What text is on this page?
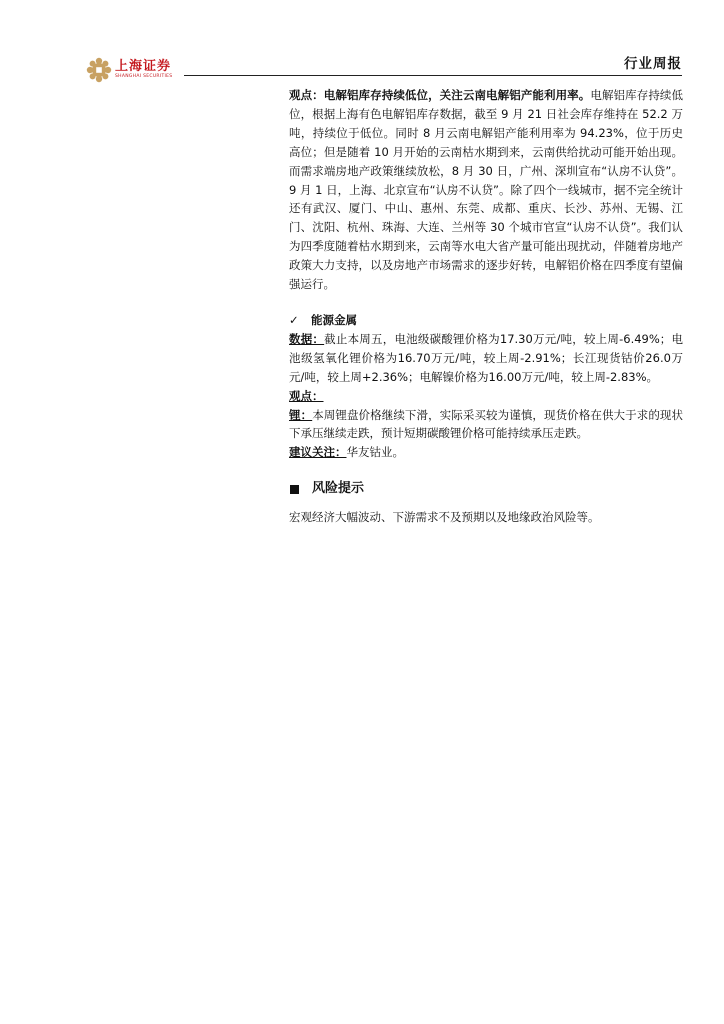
上海证券
SHANGHAI SECURITIES
行业周报

观点：电解铝库存持续低位，关注云南电解铝产能利用率。电解铝库存持续低位，根据上海有色电解铝库存数据，截至 9 月 21 日社会库存维持在 52.2 万吨，持续位于低位。同时 8 月云南电解铝产能利用率为 94.23%，位于历史高位；但是随着 10 月开始的云南枯水期到来，云南供给扰动可能开始出现。而需求端房地产政策继续放松，8 月 30 日，广州、深圳宣布“认房不认贷”。9 月 1 日，上海、北京宣布“认房不认贷”。除了四个一线城市，据不完全统计还有武汉、厦门、中山、惠州、东莞、成都、重庆、长沙、苏州、无锡、江门、沈阳、杭州、珠海、大连、兰州等 30 个城市官宣“认房不认贷”。我们认为四季度随着枯水期到来，云南等水电大省产量可能出现扰动，伴随着房地产政策大力支持，以及房地产市场需求的逐步好转，电解铝价格在四季度有望偏强运行。

✓	能源金属

数据：截止本周五，电池级碳酸锂价格为17.30万元/吨，较上周-6.49%；电池级氢氧化锂价格为16.70万元/吨，较上周-2.91%；长江现货钴价26.0万元/吨，较上周+2.36%；电解镍价格为16.00万元/吨，较上周-2.83%。

观点：

锂：本周锂盘价格继续下滑，实际采买较为谨慎，现货价格在供大于求的现状下承压继续走跌，预计短期碳酸锂价格可能持续承压走跌。

建议关注：华友钴业。

风险提示

宏观经济大幅波动、下游需求不及预期以及地缘政治风险等。
